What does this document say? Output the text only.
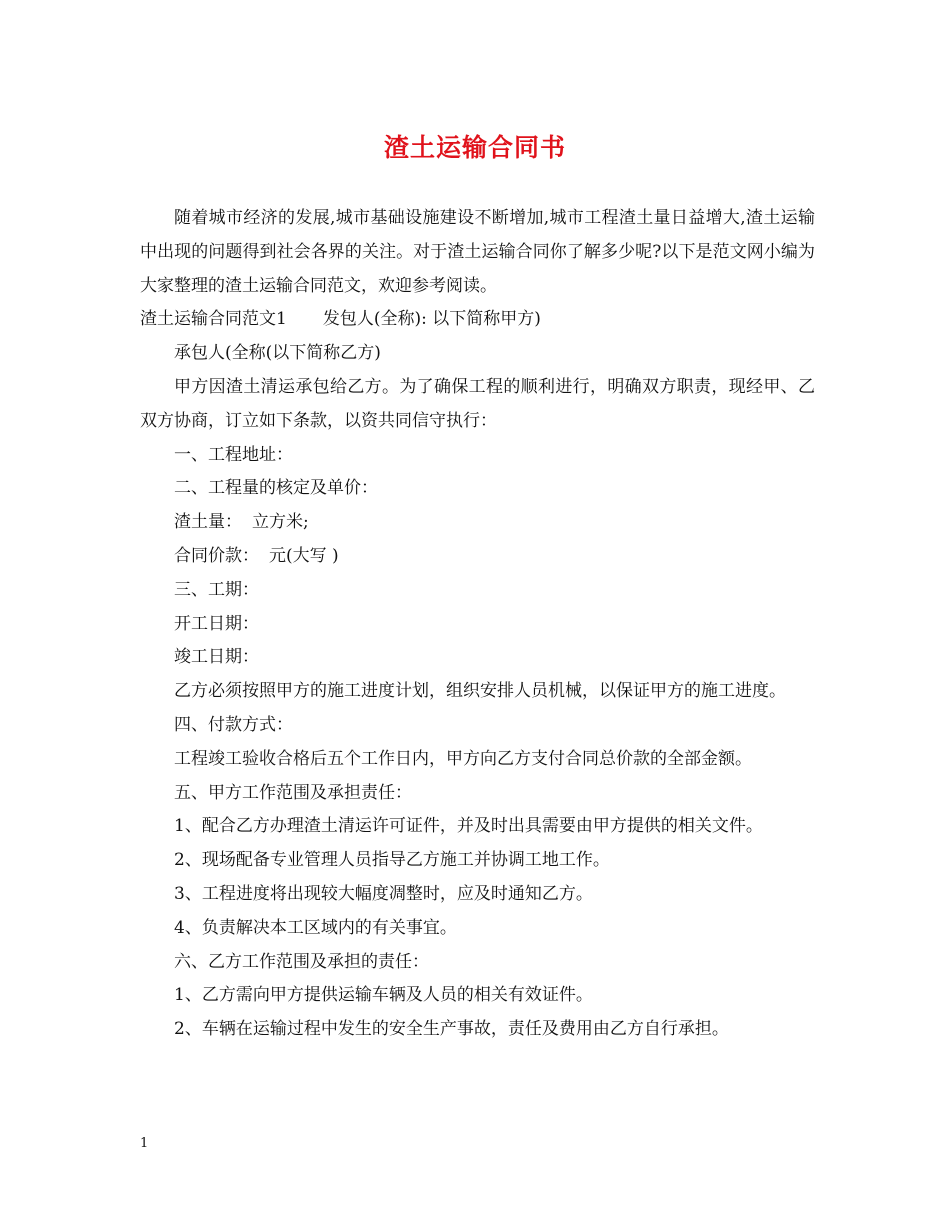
渣土运输合同书

随着城市经济的发展,城市基础设施建设不断增加,城市工程渣土量日益增大,渣土运输中出现的问题得到社会各界的关注。对于渣土运输合同你了解多少呢?以下是范文网小编为大家整理的渣土运输合同范文，欢迎参考阅读。

渣土运输合同范文1 发包人(全称): 以下简称甲方)

承包人(全称(以下简称乙方)

甲方因渣土清运承包给乙方。为了确保工程的顺利进行，明确双方职责，现经甲、乙双方协商，订立如下条款，以资共同信守执行：

一、工程地址：

二、工程量的核定及单价：

渣土量： 立方米;

合同价款： 元(大写 )

三、工期：

开工日期：

竣工日期：

乙方必须按照甲方的施工进度计划，组织安排人员机械，以保证甲方的施工进度。

四、付款方式：

工程竣工验收合格后五个工作日内，甲方向乙方支付合同总价款的全部金额。

五、甲方工作范围及承担责任：

1、配合乙方办理渣土清运许可证件，并及时出具需要由甲方提供的相关文件。

2、现场配备专业管理人员指导乙方施工并协调工地工作。

3、工程进度将出现较大幅度凋整时，应及时通知乙方。

4、负责解决本工区域内的有关事宜。

六、乙方工作范围及承担的责任：

1、乙方需向甲方提供运输车辆及人员的相关有效证件。

2、车辆在运输过程中发生的安全生产事故，责任及费用由乙方自行承担。

1
